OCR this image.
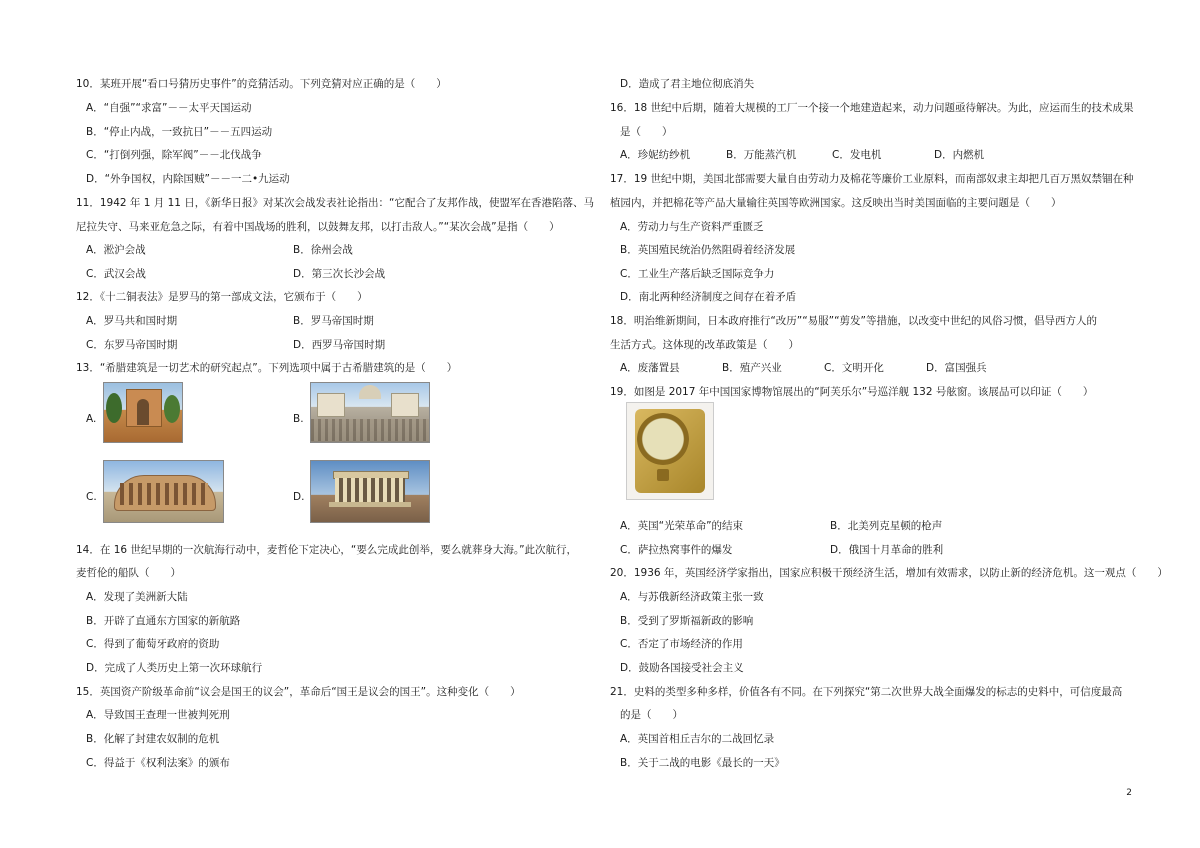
10．某班开展“看口号猜历史事件”的竞猜活动。下列竞猜对应正确的是（　　）
A．“自强”“求富”－－太平天国运动
B．“停止内战，一致抗日”－－五四运动
C．“打倒列强，除军阀”－－北伐战争
D．“外争国权，内除国贼”－－一二•九运动
11．1942 年 1 月 11 日，《新华日报》对某次会战发表社论指出：“它配合了友邦作战，使盟军在香港陷落、马
尼拉失守、马来亚危急之际，有着中国战场的胜利，以鼓舞友邦，以打击敌人。”“某次会战”是指（　　）
A．淞沪会战	B．徐州会战
C．武汉会战	D．第三次长沙会战
12．《十二铜表法》是罗马的第一部成文法，它颁布于（　　）
A．罗马共和国时期	B．罗马帝国时期
C．东罗马帝国时期	D．西罗马帝国时期
13．“希腊建筑是一切艺术的研究起点”。下列选项中属于古希腊建筑的是（　　）
A.	B.
C.	D.
14．在 16 世纪早期的一次航海行动中，麦哲伦下定决心，“要么完成此创举，要么就葬身大海。”此次航行，
麦哲伦的船队（　　）
A．发现了美洲新大陆
B．开辟了直通东方国家的新航路
C．得到了葡萄牙政府的资助
D．完成了人类历史上第一次环球航行
15．英国资产阶级革命前“议会是国王的议会”，革命后“国王是议会的国王”。这种变化（　　）
A．导致国王查理一世被判死刑
B．化解了封建农奴制的危机
C．得益于《权利法案》的颁布
D．造成了君主地位彻底消失
16．18 世纪中后期，随着大规模的工厂一个接一个地建造起来，动力问题亟待解决。为此，应运而生的技术成果
是（　　）
A．珍妮纺纱机	B．万能蒸汽机	C．发电机	D．内燃机
17．19 世纪中期，美国北部需要大量自由劳动力及棉花等廉价工业原料，而南部奴隶主却把几百万黑奴禁锢在种
植园内，并把棉花等产品大量输往英国等欧洲国家。这反映出当时美国面临的主要问题是（　　）
A．劳动力与生产资料严重匮乏
B．英国殖民统治仍然阻碍着经济发展
C．工业生产落后缺乏国际竞争力
D．南北两种经济制度之间存在着矛盾
18．明治维新期间，日本政府推行“改历”“易服”“剪发”等措施，以改变中世纪的风俗习惯，倡导西方人的
生活方式。这体现的改革政策是（　　）
A．废藩置县	B．殖产兴业	C．文明开化	D．富国强兵
19．如图是 2017 年中国国家博物馆展出的“阿芙乐尔”号巡洋舰 132 号舷窗。该展品可以印证（　　）
A．英国“光荣革命”的结束	B．北美列克星顿的枪声
C．萨拉热窝事件的爆发	D．俄国十月革命的胜利
20．1936 年，英国经济学家指出，国家应积极干预经济生活，增加有效需求，以防止新的经济危机。这一观点（　　）
A．与苏俄新经济政策主张一致
B．受到了罗斯福新政的影响
C．否定了市场经济的作用
D．鼓励各国接受社会主义
21．史料的类型多种多样，价值各有不同。在下列探究“第二次世界大战全面爆发的标志的史料中，可信度最高
的是（　　）
A．英国首相丘吉尔的二战回忆录
B．关于二战的电影《最长的一天》
2
